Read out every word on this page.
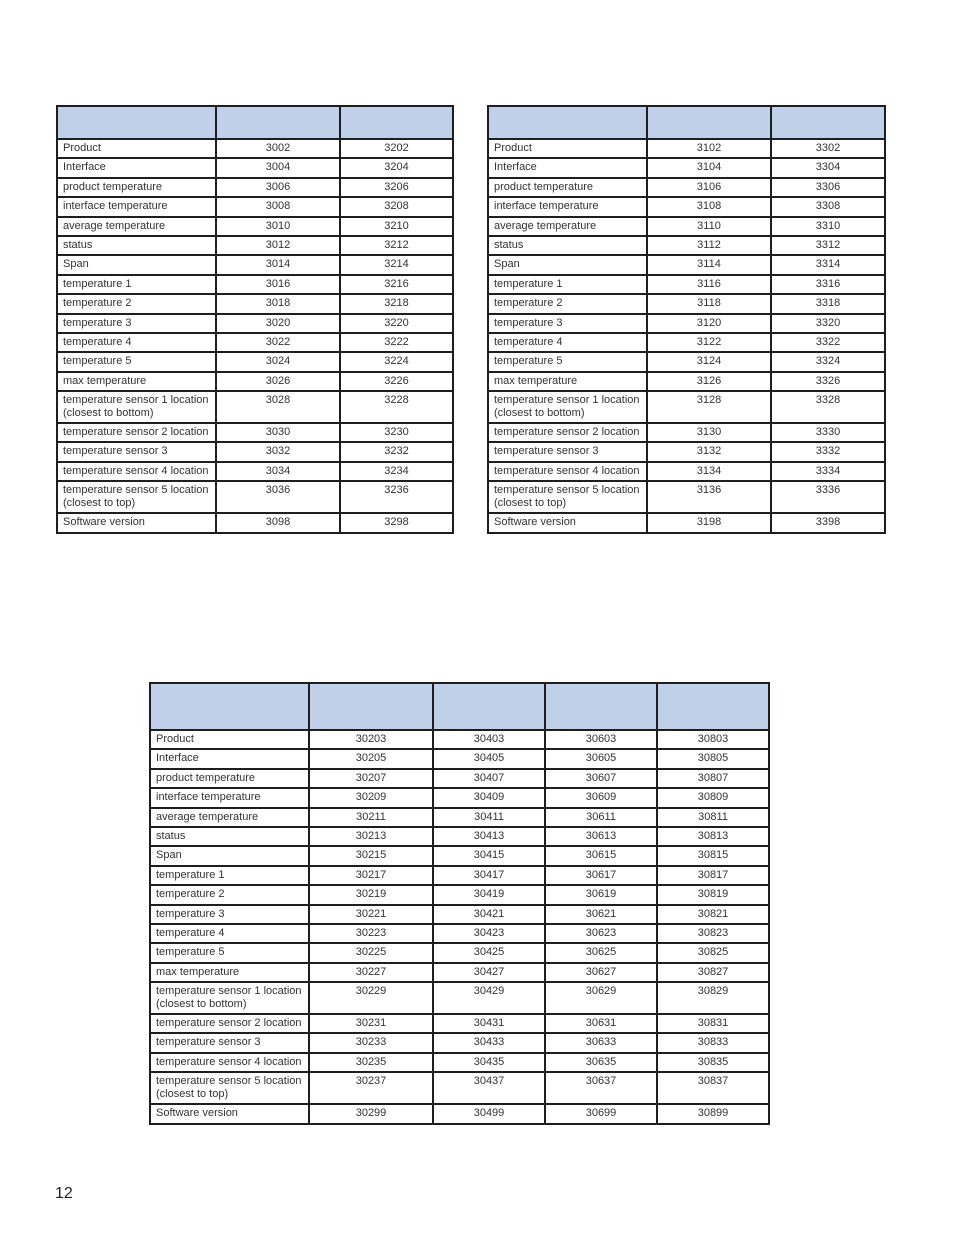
Product	3002	3202
Interface	3004	3204
product temperature	3006	3206
interface temperature	3008	3208
average temperature	3010	3210
status	3012	3212
Span	3014	3214
temperature 1	3016	3216
temperature 2	3018	3218
temperature 3	3020	3220
temperature 4	3022	3222
temperature 5	3024	3224
max temperature	3026	3226
temperature sensor 1 location (closest to bottom)	3028	3228
temperature sensor 2 location	3030	3230
temperature sensor 3	3032	3232
temperature sensor 4 location	3034	3234
temperature sensor 5 location (closest to top)	3036	3236
Software version	3098	3298

Product	3102	3302
Interface	3104	3304
product temperature	3106	3306
interface temperature	3108	3308
average temperature	3110	3310
status	3112	3312
Span	3114	3314
temperature 1	3116	3316
temperature 2	3118	3318
temperature 3	3120	3320
temperature 4	3122	3322
temperature 5	3124	3324
max temperature	3126	3326
temperature sensor 1 location (closest to bottom)	3128	3328
temperature sensor 2 location	3130	3330
temperature sensor 3	3132	3332
temperature sensor 4 location	3134	3334
temperature sensor 5 location (closest to top)	3136	3336
Software version	3198	3398

Product	30203	30403	30603	30803
Interface	30205	30405	30605	30805
product temperature	30207	30407	30607	30807
interface temperature	30209	30409	30609	30809
average temperature	30211	30411	30611	30811
status	30213	30413	30613	30813
Span	30215	30415	30615	30815
temperature 1	30217	30417	30617	30817
temperature 2	30219	30419	30619	30819
temperature 3	30221	30421	30621	30821
temperature 4	30223	30423	30623	30823
temperature 5	30225	30425	30625	30825
max temperature	30227	30427	30627	30827
temperature sensor 1 location (closest to bottom)	30229	30429	30629	30829
temperature sensor 2 location	30231	30431	30631	30831
temperature sensor 3	30233	30433	30633	30833
temperature sensor 4 location	30235	30435	30635	30835
temperature sensor 5 location (closest to top)	30237	30437	30637	30837
Software version	30299	30499	30699	30899
12
